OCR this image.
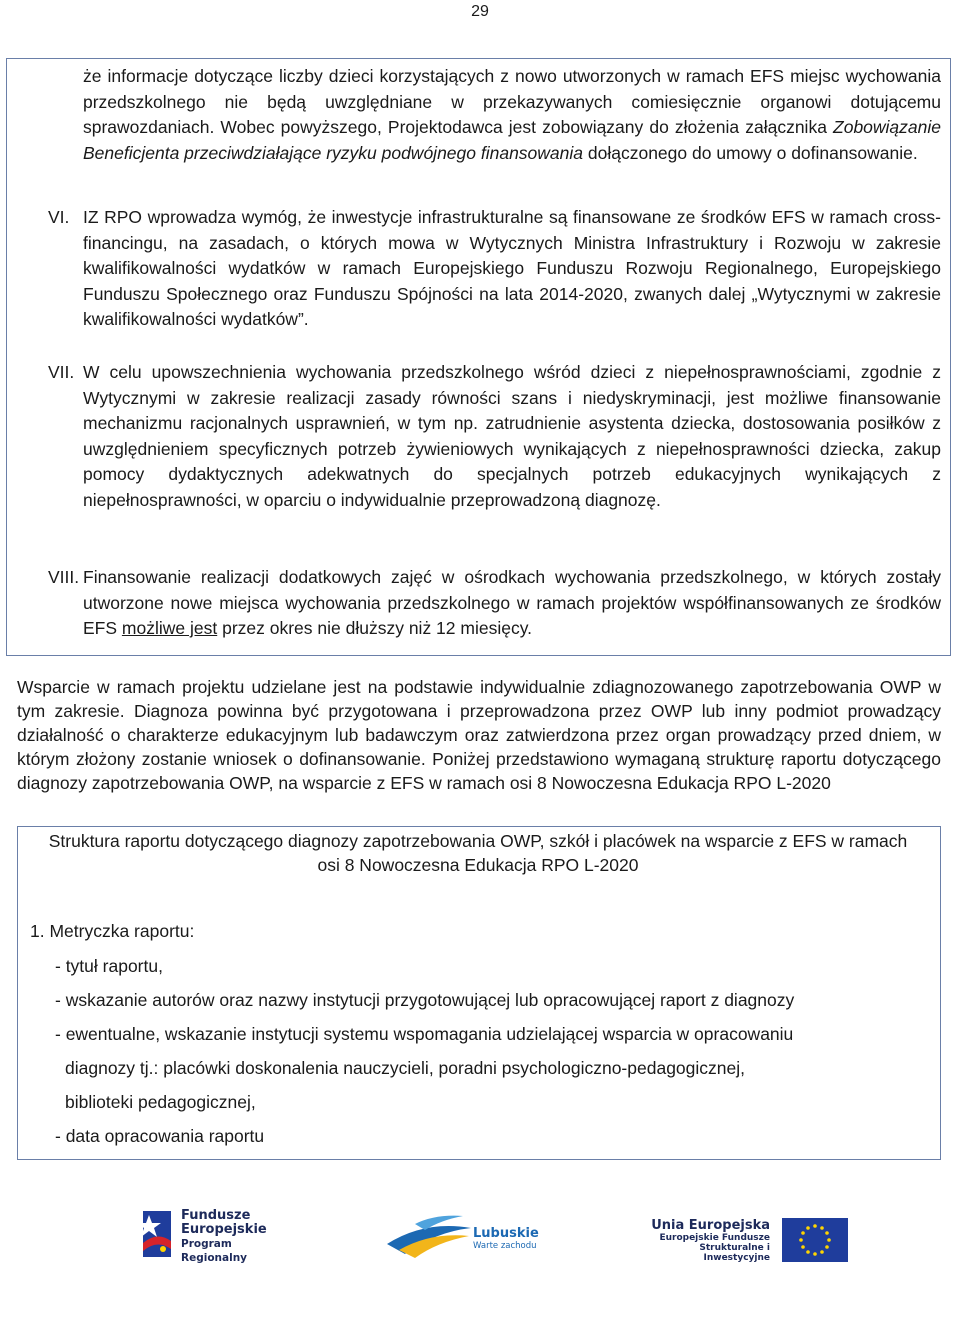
29
że informacje dotyczące liczby dzieci korzystających z nowo utworzonych w ramach EFS miejsc wychowania przedszkolnego nie będą uwzględniane w przekazywanych comiesięcznie organowi dotującemu sprawozdaniach. Wobec powyższego, Projektodawca jest zobowiązany do złożenia załącznika Zobowiązanie Beneficjenta przeciwdziałające ryzyku podwójnego finansowania dołączonego do umowy o dofinansowanie.
VI. IZ RPO wprowadza wymóg, że inwestycje infrastrukturalne są finansowane ze środków EFS w ramach cross-financingu, na zasadach, o których mowa w Wytycznych Ministra Infrastruktury i Rozwoju w zakresie kwalifikowalności wydatków w ramach Europejskiego Funduszu Rozwoju Regionalnego, Europejskiego Funduszu Społecznego oraz Funduszu Spójności na lata 2014-2020, zwanych dalej „Wytycznymi w zakresie kwalifikowalności wydatków”.
VII. W celu upowszechnienia wychowania przedszkolnego wśród dzieci z niepełnosprawnościami, zgodnie z Wytycznymi w zakresie realizacji zasady równości szans i niedyskryminacji, jest możliwe finansowanie mechanizmu racjonalnych usprawnień, w tym np. zatrudnienie asystenta dziecka, dostosowania posiłków z uwzględnieniem specyficznych potrzeb żywieniowych wynikających z niepełnosprawności dziecka, zakup pomocy dydaktycznych adekwatnych do specjalnych potrzeb edukacyjnych wynikających z niepełnosprawności, w oparciu o indywidualnie przeprowadzoną diagnozę.
VIII. Finansowanie realizacji dodatkowych zajęć w ośrodkach wychowania przedszkolnego, w których zostały utworzone nowe miejsca wychowania przedszkolnego w ramach projektów współfinansowanych ze środków EFS możliwe jest przez okres nie dłuższy niż 12 miesięcy.
Wsparcie w ramach projektu udzielane jest na podstawie indywidualnie zdiagnozowanego zapotrzebowania OWP w tym zakresie. Diagnoza powinna być przygotowana i przeprowadzona przez OWP lub inny podmiot prowadzący działalność o charakterze edukacyjnym lub badawczym oraz zatwierdzona przez organ prowadzący przed dniem, w którym złożony zostanie wniosek o dofinansowanie. Poniżej przedstawiono wymaganą strukturę raportu dotyczącego diagnozy zapotrzebowania OWP, na wsparcie z EFS w ramach osi 8 Nowoczesna Edukacja RPO L-2020
Struktura raportu dotyczącego diagnozy zapotrzebowania OWP, szkół i placówek na wsparcie z EFS w ramach
osi 8 Nowoczesna Edukacja RPO L-2020
1. Metryczka raportu:
- tytuł raportu,
- wskazanie autorów oraz nazwy instytucji przygotowującej lub opracowującej raport z diagnozy
- ewentualne, wskazanie instytucji systemu wspomagania udzielającej wsparcia w opracowaniu
diagnozy tj.: placówki doskonalenia nauczycieli, poradni psychologiczno-pedagogicznej,
biblioteki pedagogicznej,
- data opracowania raportu
Fundusze
Europejskie
Program Regionalny
Lubuskie
Warte zachodu
Unia Europejska
Europejskie Fundusze
Strukturalne i Inwestycyjne
